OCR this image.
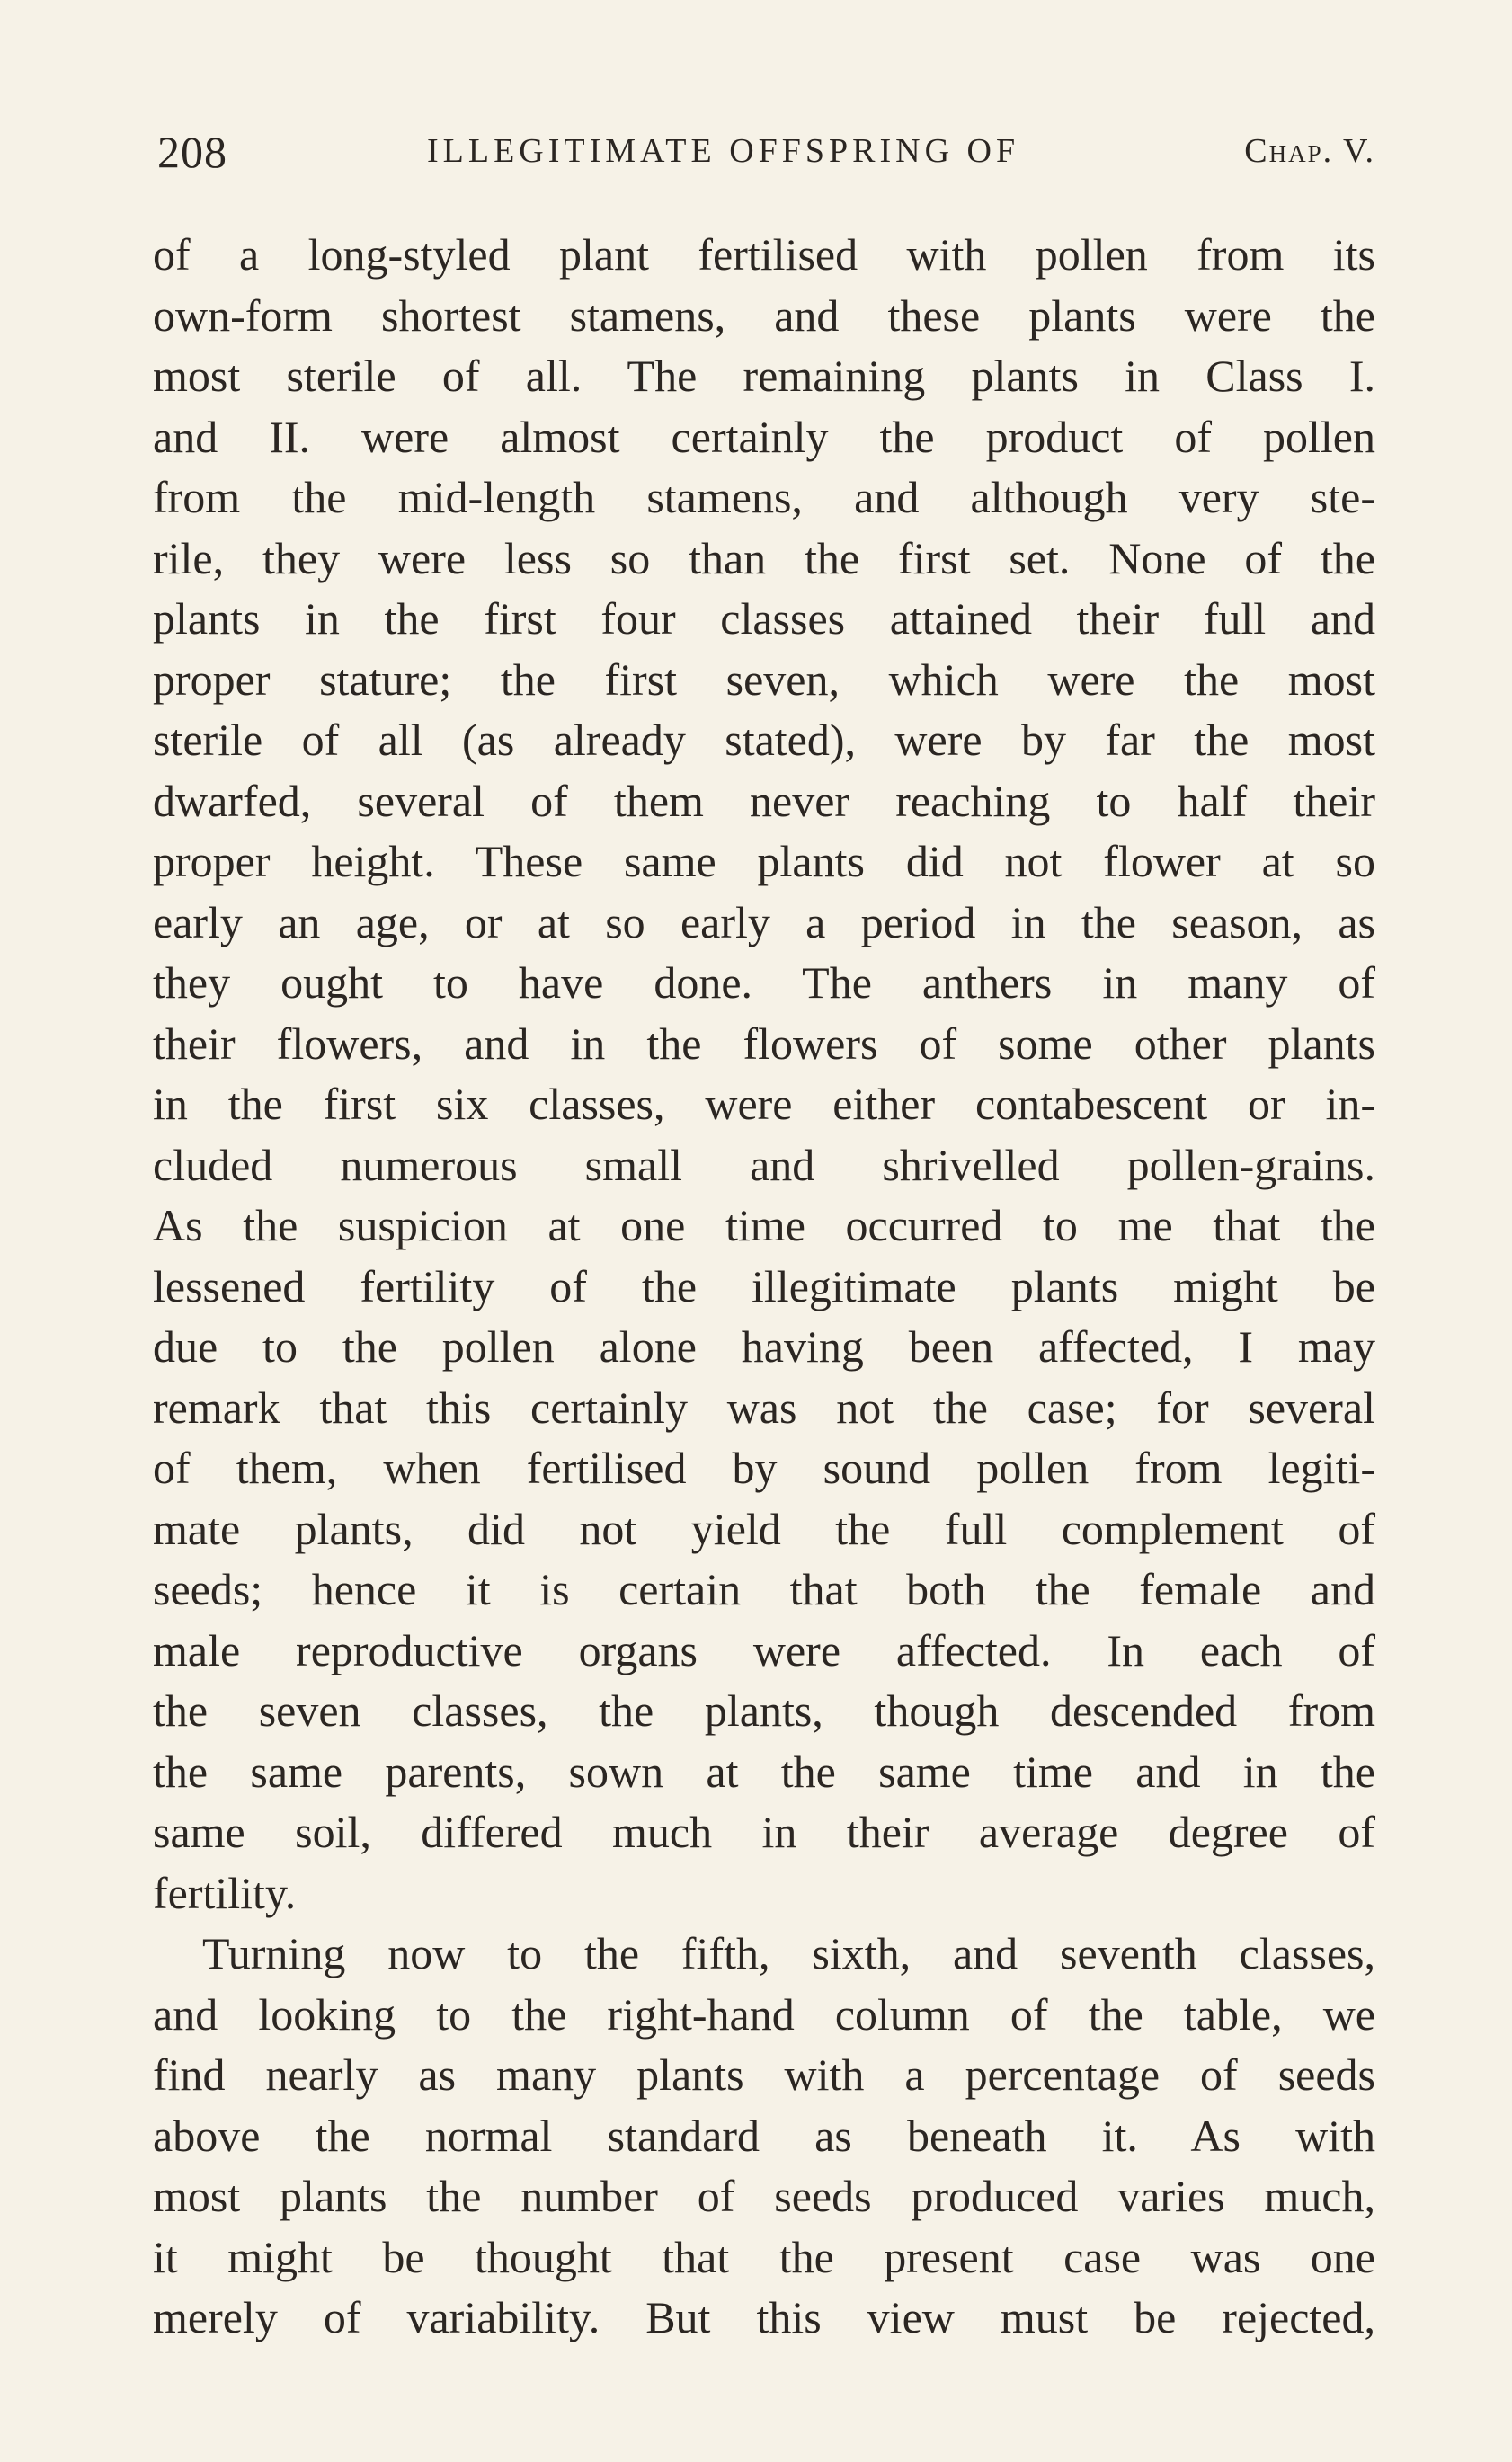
208	ILLEGITIMATE OFFSPRING OF	Chap. V.
of a long-styled plant fertilised with pollen from its
own-form shortest stamens, and these plants were the
most sterile of all. The remaining plants in Class I.
and II. were almost certainly the product of pollen
from the mid-length stamens, and although very ste-
rile, they were less so than the first set. None of the
plants in the first four classes attained their full and
proper stature; the first seven, which were the most
sterile of all (as already stated), were by far the most
dwarfed, several of them never reaching to half their
proper height. These same plants did not flower at so
early an age, or at so early a period in the season, as
they ought to have done. The anthers in many of
their flowers, and in the flowers of some other plants
in the first six classes, were either contabescent or in-
cluded numerous small and shrivelled pollen-grains.
As the suspicion at one time occurred to me that the
lessened fertility of the illegitimate plants might be
due to the pollen alone having been affected, I may
remark that this certainly was not the case; for several
of them, when fertilised by sound pollen from legiti-
mate plants, did not yield the full complement of
seeds; hence it is certain that both the female and
male reproductive organs were affected. In each of
the seven classes, the plants, though descended from
the same parents, sown at the same time and in the
same soil, differed much in their average degree of
fertility.
Turning now to the fifth, sixth, and seventh classes,
and looking to the right-hand column of the table, we
find nearly as many plants with a percentage of seeds
above the normal standard as beneath it. As with
most plants the number of seeds produced varies much,
it might be thought that the present case was one
merely of variability. But this view must be rejected,
